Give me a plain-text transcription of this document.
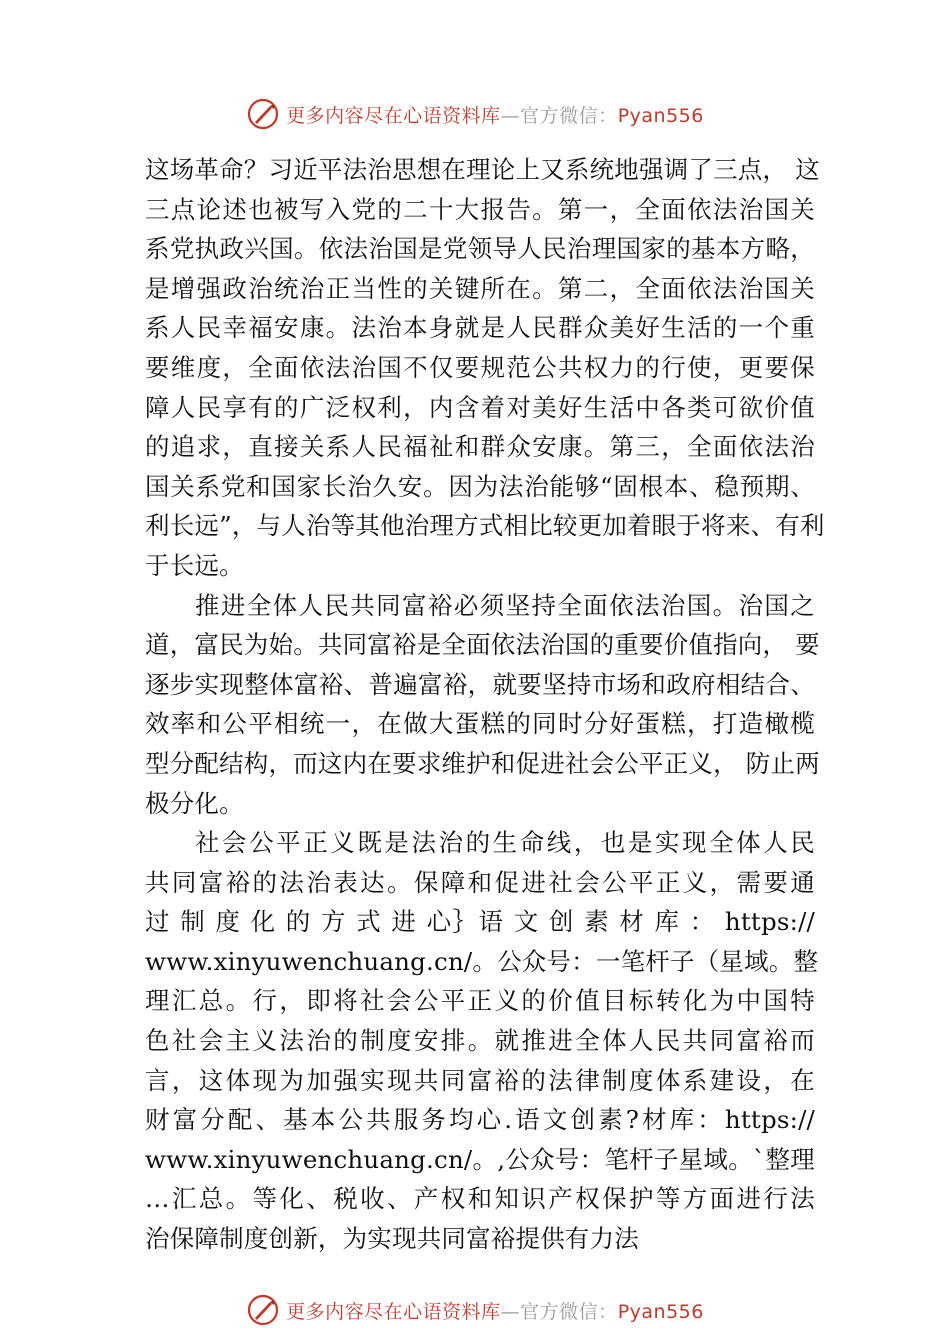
更多内容尽在心语资料库—官方微信：Pyan556
这场革命？习近平法治思想在理论上又系统地强调了三点， 这
三点论述也被写入党的二十大报告。第一，全面依法治国关
系党执政兴国。依法治国是党领导人民治理国家的基本方略，
是增强政治统治正当性的关键所在。第二，全面依法治国关
系人民幸福安康。法治本身就是人民群众美好生活的一个重
要维度，全面依法治国不仅要规范公共权力的行使，更要保
障人民享有的广泛权利，内含着对美好生活中各类可欲价值
的追求，直接关系人民福祉和群众安康。第三，全面依法治
国关系党和国家长治久安。因为法治能够“固根本、稳预期、
利长远”，与人治等其他治理方式相比较更加着眼于将来、有利
于长远。
推进全体人民共同富裕必须坚持全面依法治国。治国之
道，富民为始。共同富裕是全面依法治国的重要价值指向， 要
逐步实现整体富裕、普遍富裕，就要坚持市场和政府相结合、
效率和公平相统一，在做大蛋糕的同时分好蛋糕，打造橄榄
型分配结构，而这内在要求维护和促进社会公平正义， 防止两
极分化。
社会公平正义既是法治的生命线，也是实现全体人民
共同富裕的法治表达。保障和促进社会公平正义，需要通
过 制 度 化 的 方 式 进 心｝语 文 创 素 材 库 ： https://
www.xinyuwenchuang.cn/。公众号：一笔杆子（星域。整
理汇总。行，即将社会公平正义的价值目标转化为中国特
色社会主义法治的制度安排。就推进全体人民共同富裕而
言，这体现为加强实现共同富裕的法律制度体系建设，在
财富分配、基本公共服务均心.语文创素?材库：https://
www.xinyuwenchuang.cn/。,公众号：笔杆子星域。`整理
…汇总。等化、税收、产权和知识产权保护等方面进行法
治保障制度创新，为实现共同富裕提供有力法
更多内容尽在心语资料库—官方微信：Pyan556
